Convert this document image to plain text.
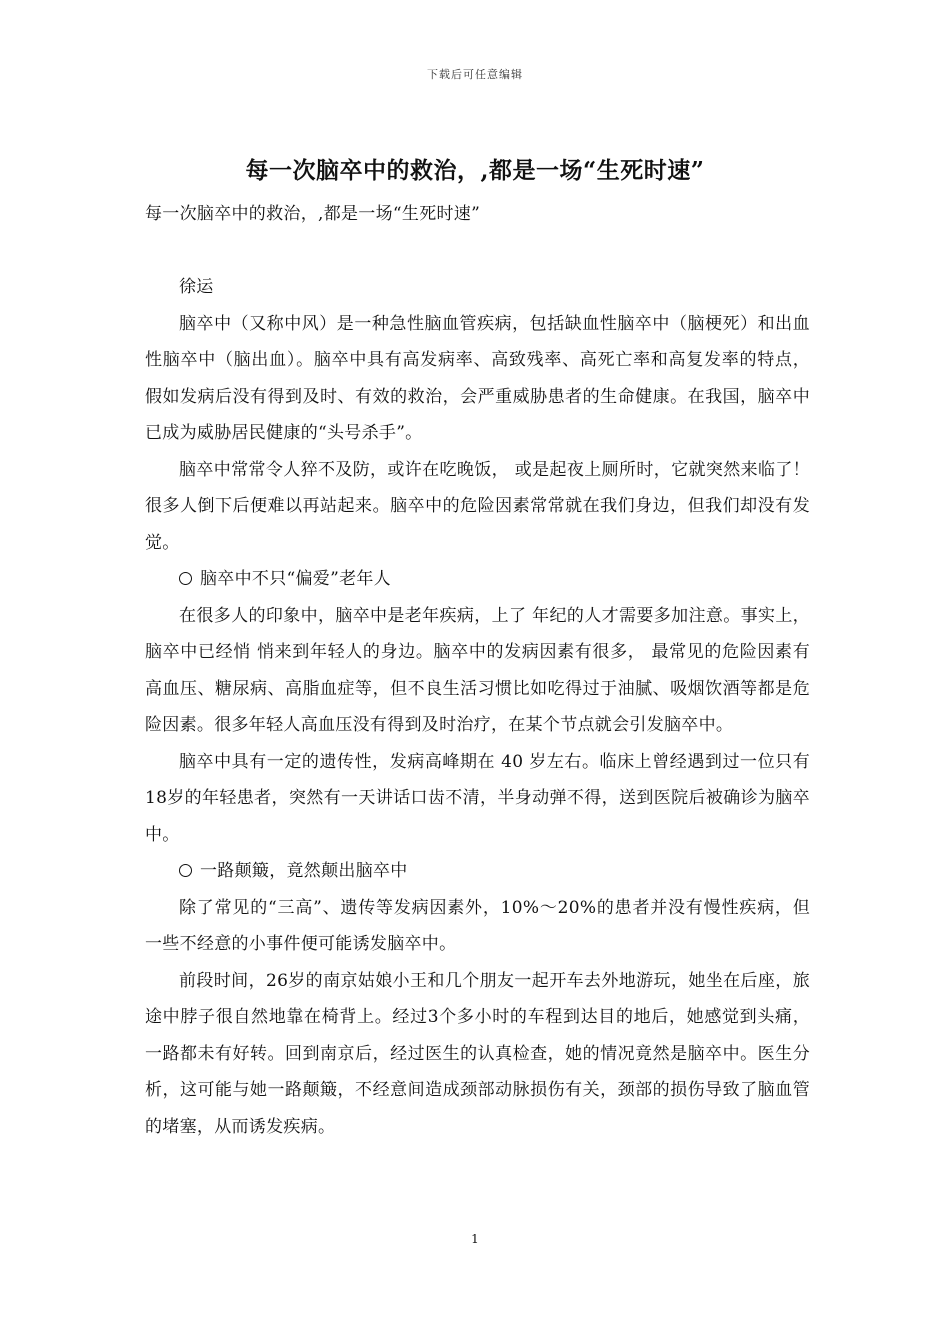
下载后可任意编辑
每一次脑卒中的救治，,都是一场“生死时速”

每一次脑卒中的救治，,都是一场“生死时速”

徐运

脑卒中（又称中风）是一种急性脑血管疾病，包括缺血性脑卒中（脑梗死）和出血性脑卒中（脑出血）。脑卒中具有高发病率、高致残率、高死亡率和高复发率的特点，假如发病后没有得到及时、有效的救治，会严重威胁患者的生命健康。在我国，脑卒中已成为威胁居民健康的“头号杀手”。

脑卒中常常令人猝不及防，或许在吃晚饭， 或是起夜上厕所时，它就突然来临了！很多人倒下后便难以再站起来。脑卒中的危险因素常常就在我们身边，但我们却没有发觉。

脑卒中不只“偏爱”老年人

在很多人的印象中，脑卒中是老年疾病，上了 年纪的人才需要多加注意。事实上，脑卒中已经悄 悄来到年轻人的身边。脑卒中的发病因素有很多， 最常见的危险因素有高血压、糖尿病、高脂血症等，但不良生活习惯比如吃得过于油腻、吸烟饮酒等都是危险因素。很多年轻人高血压没有得到及时治疗，在某个节点就会引发脑卒中。

脑卒中具有一定的遗传性，发病高峰期在 40 岁左右。临床上曾经遇到过一位只有18岁的年轻患者，突然有一天讲话口齿不清，半身动弹不得，送到医院后被确诊为脑卒中。

一路颠簸，竟然颠出脑卒中

除了常见的“三高”、遗传等发病因素外，10%～20%的患者并没有慢性疾病，但一些不经意的小事件便可能诱发脑卒中。

前段时间，26岁的南京姑娘小王和几个朋友一起开车去外地游玩，她坐在后座，旅途中脖子很自然地靠在椅背上。经过3个多小时的车程到达目的地后，她感觉到头痛，一路都未有好转。回到南京后，经过医生的认真检查，她的情况竟然是脑卒中。医生分析，这可能与她一路颠簸，不经意间造成颈部动脉损伤有关，颈部的损伤导致了脑血管的堵塞，从而诱发疾病。

1
